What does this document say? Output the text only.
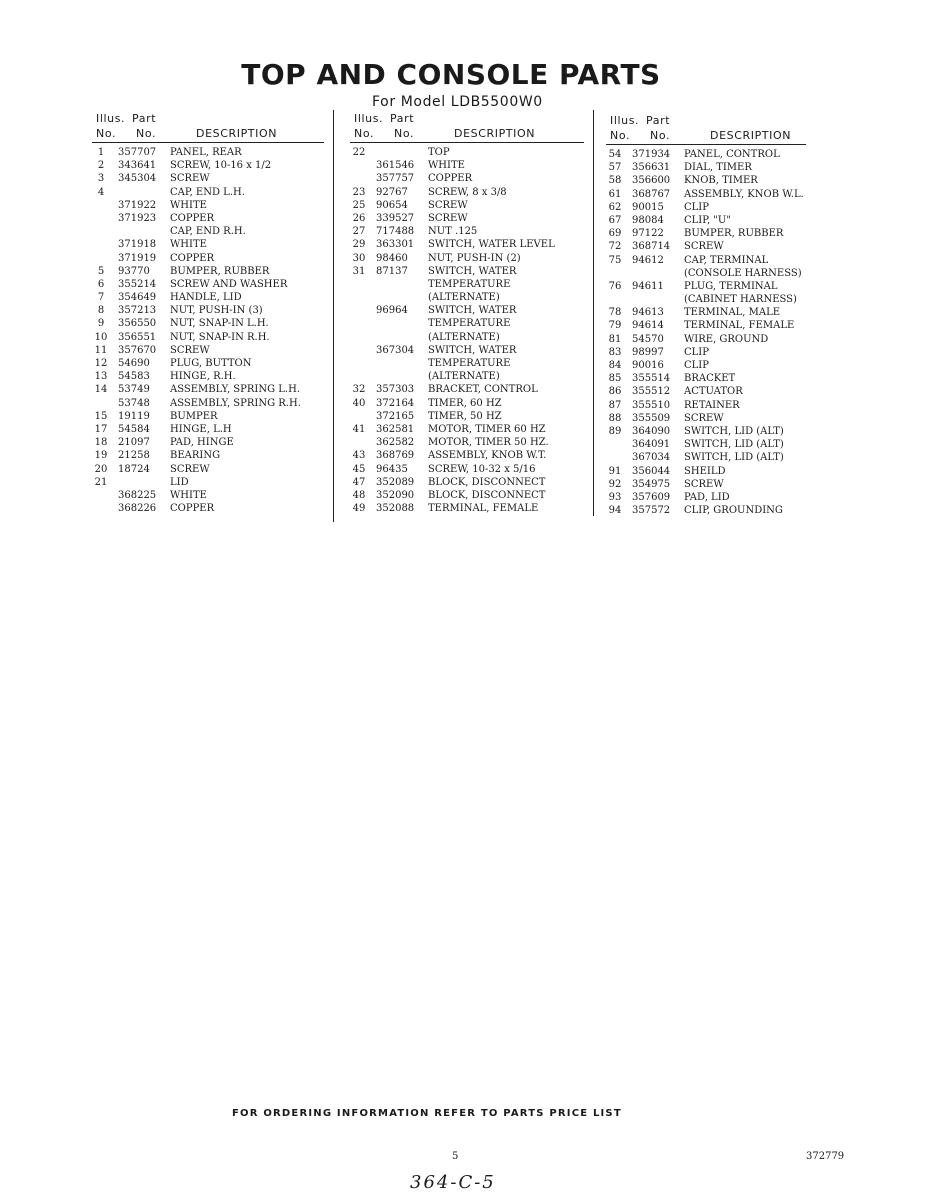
TOP AND CONSOLE PARTS
For Model LDB5500W0
Illus. Part
No. No.	DESCRIPTION
1	357707 PANEL, REAR
2	343641 SCREW, 10-16 x 1/2
3	345304 SCREW
4	CAP, END L.H.
371922 WHITE
371923 COPPER
CAP, END R.H.
371918 WHITE
371919 COPPER
5	93770 BUMPER, RUBBER
6	355214 SCREW AND WASHER
7	354649 HANDLE, LID
8	357213 NUT, PUSH-IN (3)
9	356550 NUT, SNAP-IN L.H.
10 356551 NUT, SNAP-IN R.H.
11 357670 SCREW
12 54690 PLUG, BUTTON
13 54583 HINGE, R.H.
14 53749 ASSEMBLY, SPRING L.H.
53748 ASSEMBLY, SPRING R.H.
15 19119 BUMPER
17 54584 HINGE, L.H
18 21097 PAD, HINGE
19 21258 BEARING
20 18724 SCREW
21	LID
368225 WHITE
368226 COPPER
Illus. Part
No. No.	DESCRIPTION
22	TOP
361546 WHITE
357757 COPPER
23 92767 SCREW, 8 x 3/8
25 90654 SCREW
26 339527 SCREW
27 717488 NUT .125
29 363301 SWITCH, WATER LEVEL
30 98460 NUT, PUSH-IN (2)
31 87137 SWITCH, WATER
TEMPERATURE
(ALTERNATE)
96964 SWITCH, WATER
TEMPERATURE
(ALTERNATE)
367304 SWITCH, WATER
TEMPERATURE
(ALTERNATE)
32 357303 BRACKET, CONTROL
40 372164 TIMER, 60 HZ
372165 TIMER, 50 HZ
41 362581 MOTOR, TIMER 60 HZ
362582 MOTOR, TIMER 50 HZ.
43 368769 ASSEMBLY, KNOB W.T.
45 96435 SCREW, 10-32 x 5/16
47 352089 BLOCK, DISCONNECT
48 352090 BLOCK, DISCONNECT
49 352088 TERMINAL, FEMALE
Illus. Part
No. No.	DESCRIPTION
54 371934 PANEL, CONTROL
57 356631 DIAL, TIMER
58 356600 KNOB, TIMER
61 368767 ASSEMBLY, KNOB W.L.
62 90015 CLIP
67 98084 CLIP, "U"
69 97122 BUMPER, RUBBER
72 368714 SCREW
75 94612 CAP, TERMINAL
(CONSOLE HARNESS)
76 94611 PLUG, TERMINAL
(CABINET HARNESS)
78 94613 TERMINAL, MALE
79 94614 TERMINAL, FEMALE
81 54570 WIRE, GROUND
83 98997 CLIP
84 90016 CLIP
85 355514 BRACKET
86 355512 ACTUATOR
87 355510 RETAINER
88 355509 SCREW
89 364090 SWITCH, LID (ALT)
364091 SWITCH, LID (ALT)
367034 SWITCH, LID (ALT)
91 356044 SHEILD
92 354975 SCREW
93 357609 PAD, LID
94 357572 CLIP, GROUNDING
FOR ORDERING INFORMATION REFER TO PARTS PRICE LIST
5	372779
364-C-5
